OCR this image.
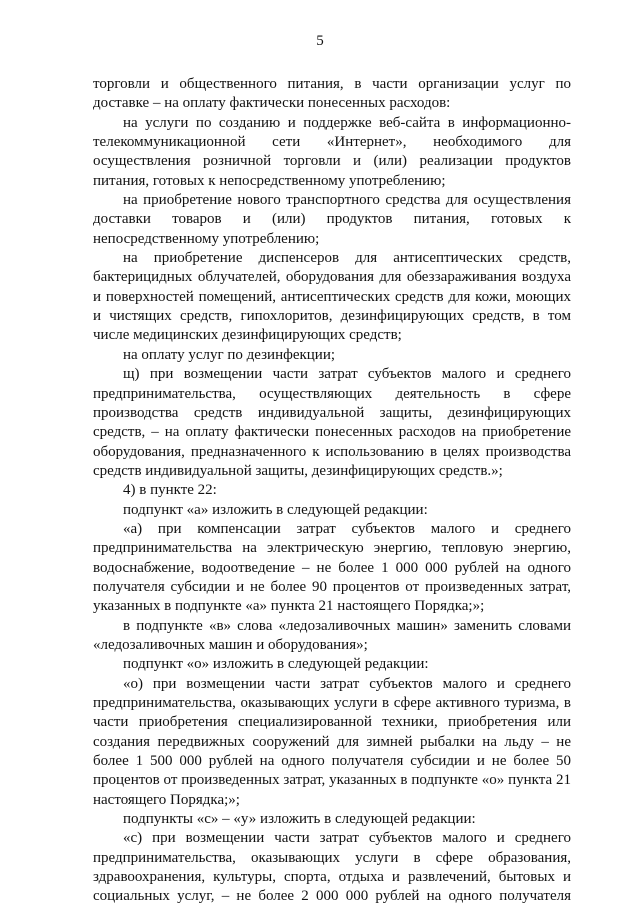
5

торговли и общественного питания, в части организации услуг по доставке – на оплату фактически понесенных расходов:

на услуги по созданию и поддержке веб-сайта в информационно-телекоммуникационной сети «Интернет», необходимого для осуществления розничной торговли и (или) реализации продуктов питания, готовых к непосредственному употреблению;

на приобретение нового транспортного средства для осуществления доставки товаров и (или) продуктов питания, готовых к непосредственному употреблению;

на приобретение диспенсеров для антисептических средств, бактерицидных облучателей, оборудования для обеззараживания воздуха и поверхностей помещений, антисептических средств для кожи, моющих и чистящих средств, гипохлоритов, дезинфицирующих средств, в том числе медицинских дезинфицирующих средств;

на оплату услуг по дезинфекции;

щ) при возмещении части затрат субъектов малого и среднего предпринимательства, осуществляющих деятельность в сфере производства средств индивидуальной защиты, дезинфицирующих средств, – на оплату фактически понесенных расходов на приобретение оборудования, предназначенного к использованию в целях производства средств индивидуальной защиты, дезинфицирующих средств.»;

4) в пункте 22:

подпункт «а» изложить в следующей редакции:

«а) при компенсации затрат субъектов малого и среднего предпринимательства на электрическую энергию, тепловую энергию, водоснабжение, водоотведение – не более 1 000 000 рублей на одного получателя субсидии и не более 90 процентов от произведенных затрат, указанных в подпункте «а» пункта 21 настоящего Порядка;»;

в подпункте «в» слова «ледозаливочных машин» заменить словами «ледозаливочных машин и оборудования»;

подпункт «о» изложить в следующей редакции:

«о) при возмещении части затрат субъектов малого и среднего предпринимательства, оказывающих услуги в сфере активного туризма, в части приобретения специализированной техники, приобретения или создания передвижных сооружений для зимней рыбалки на льду – не более 1 500 000 рублей на одного получателя субсидии и не более 50 процентов от произведенных затрат, указанных в подпункте «о» пункта 21 настоящего Порядка;»;

подпункты «с» – «у» изложить в следующей редакции:

«с) при возмещении части затрат субъектов малого и среднего предпринимательства, оказывающих услуги в сфере образования, здравоохранения, культуры, спорта, отдыха и развлечений, бытовых и социальных услуг, – не более 2 000 000 рублей на одного получателя
